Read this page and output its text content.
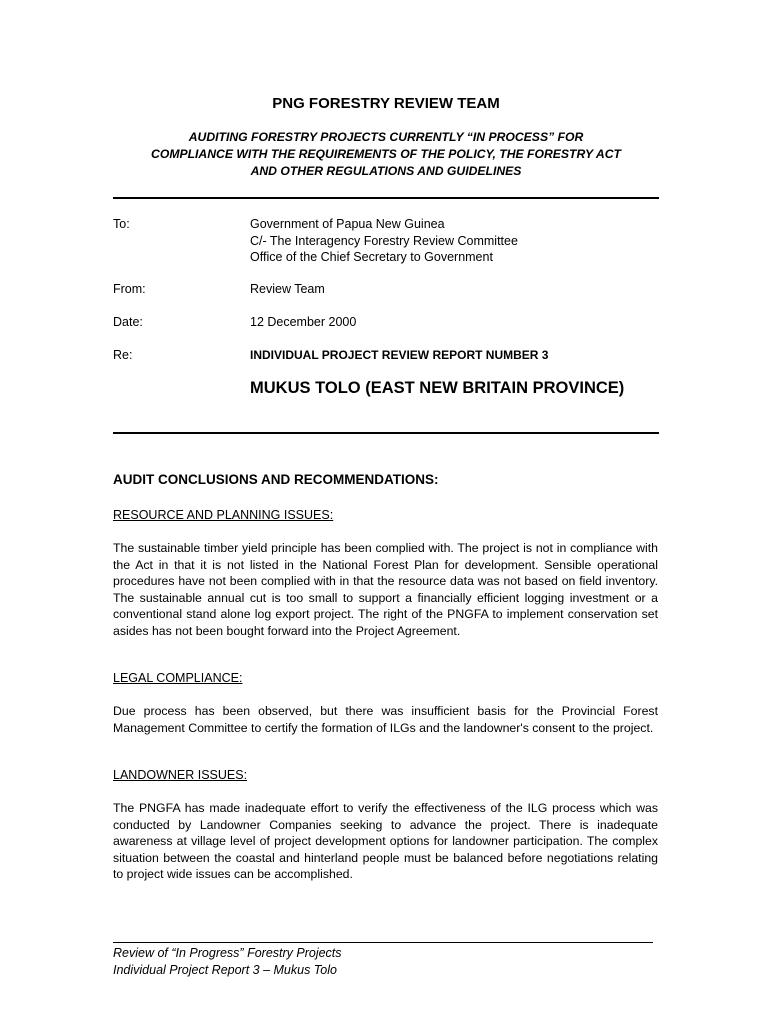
PNG FORESTRY REVIEW TEAM
AUDITING FORESTRY PROJECTS CURRENTLY “IN PROCESS” FOR
COMPLIANCE WITH THE REQUIREMENTS OF THE POLICY, THE FORESTRY ACT
AND OTHER REGULATIONS AND GUIDELINES
To:	Government of Papua New Guinea
C/- The Interagency Forestry Review Committee
Office of the Chief Secretary to Government
From:	Review Team
Date:	12 December 2000
Re:	INDIVIDUAL PROJECT REVIEW REPORT NUMBER 3
MUKUS TOLO (EAST NEW BRITAIN PROVINCE)
AUDIT CONCLUSIONS AND RECOMMENDATIONS:
RESOURCE AND PLANNING ISSUES:
The sustainable timber yield principle has been complied with. The project is not in compliance with the Act in that it is not listed in the National Forest Plan for development. Sensible operational procedures have not been complied with in that the resource data was not based on field inventory. The sustainable annual cut is too small to support a financially efficient logging investment or a conventional stand alone log export project. The right of the PNGFA to implement conservation set asides has not been bought forward into the Project Agreement.
LEGAL COMPLIANCE:
Due process has been observed, but there was insufficient basis for the Provincial Forest Management Committee to certify the formation of ILGs and the landowner's consent to the project.
LANDOWNER ISSUES:
The PNGFA has made inadequate effort to verify the effectiveness of the ILG process which was conducted by Landowner Companies seeking to advance the project. There is inadequate awareness at village level of project development options for landowner participation. The complex situation between the coastal and hinterland people must be balanced before negotiations relating to project wide issues can be accomplished.
Review of “In Progress” Forestry Projects
Individual Project Report 3 – Mukus Tolo
